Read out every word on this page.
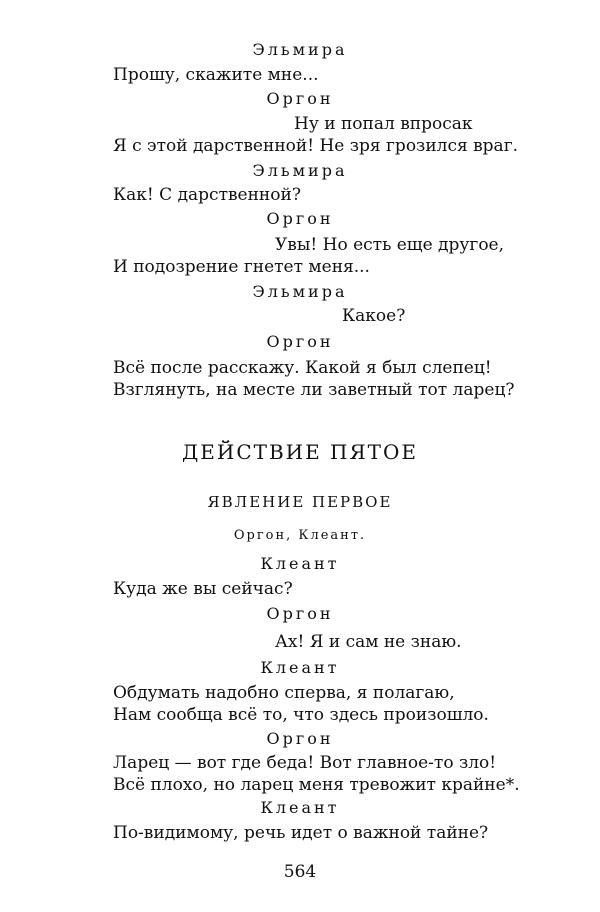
Эльмира
Прошу, скажите мне...
Оргон
Ну и попал впросак
Я с этой дарственной! Не зря грозился враг.
Эльмира
Как! С дарственной?
Оргон
Увы! Но есть еще другое,
И подозрение гнетет меня...
Эльмира
Какое?
Оргон
Всё после расскажу. Какой я был слепец!
Взглянуть, на месте ли заветный тот ларец?
ДЕЙСТВИЕ ПЯТОЕ
ЯВЛЕНИЕ ПЕРВОЕ
Оргон, Клеант.
Клеант
Куда же вы сейчас?
Оргон
Ах! Я и сам не знаю.
Клеант
Обдумать надобно сперва, я полагаю,
Нам сообща всё то, что здесь произошло.
Оргон
Ларец — вот где беда! Вот главное-то зло!
Всё плохо, но ларец меня тревожит крайне*.
Клеант
По-видимому, речь идет о важной тайне?
564
